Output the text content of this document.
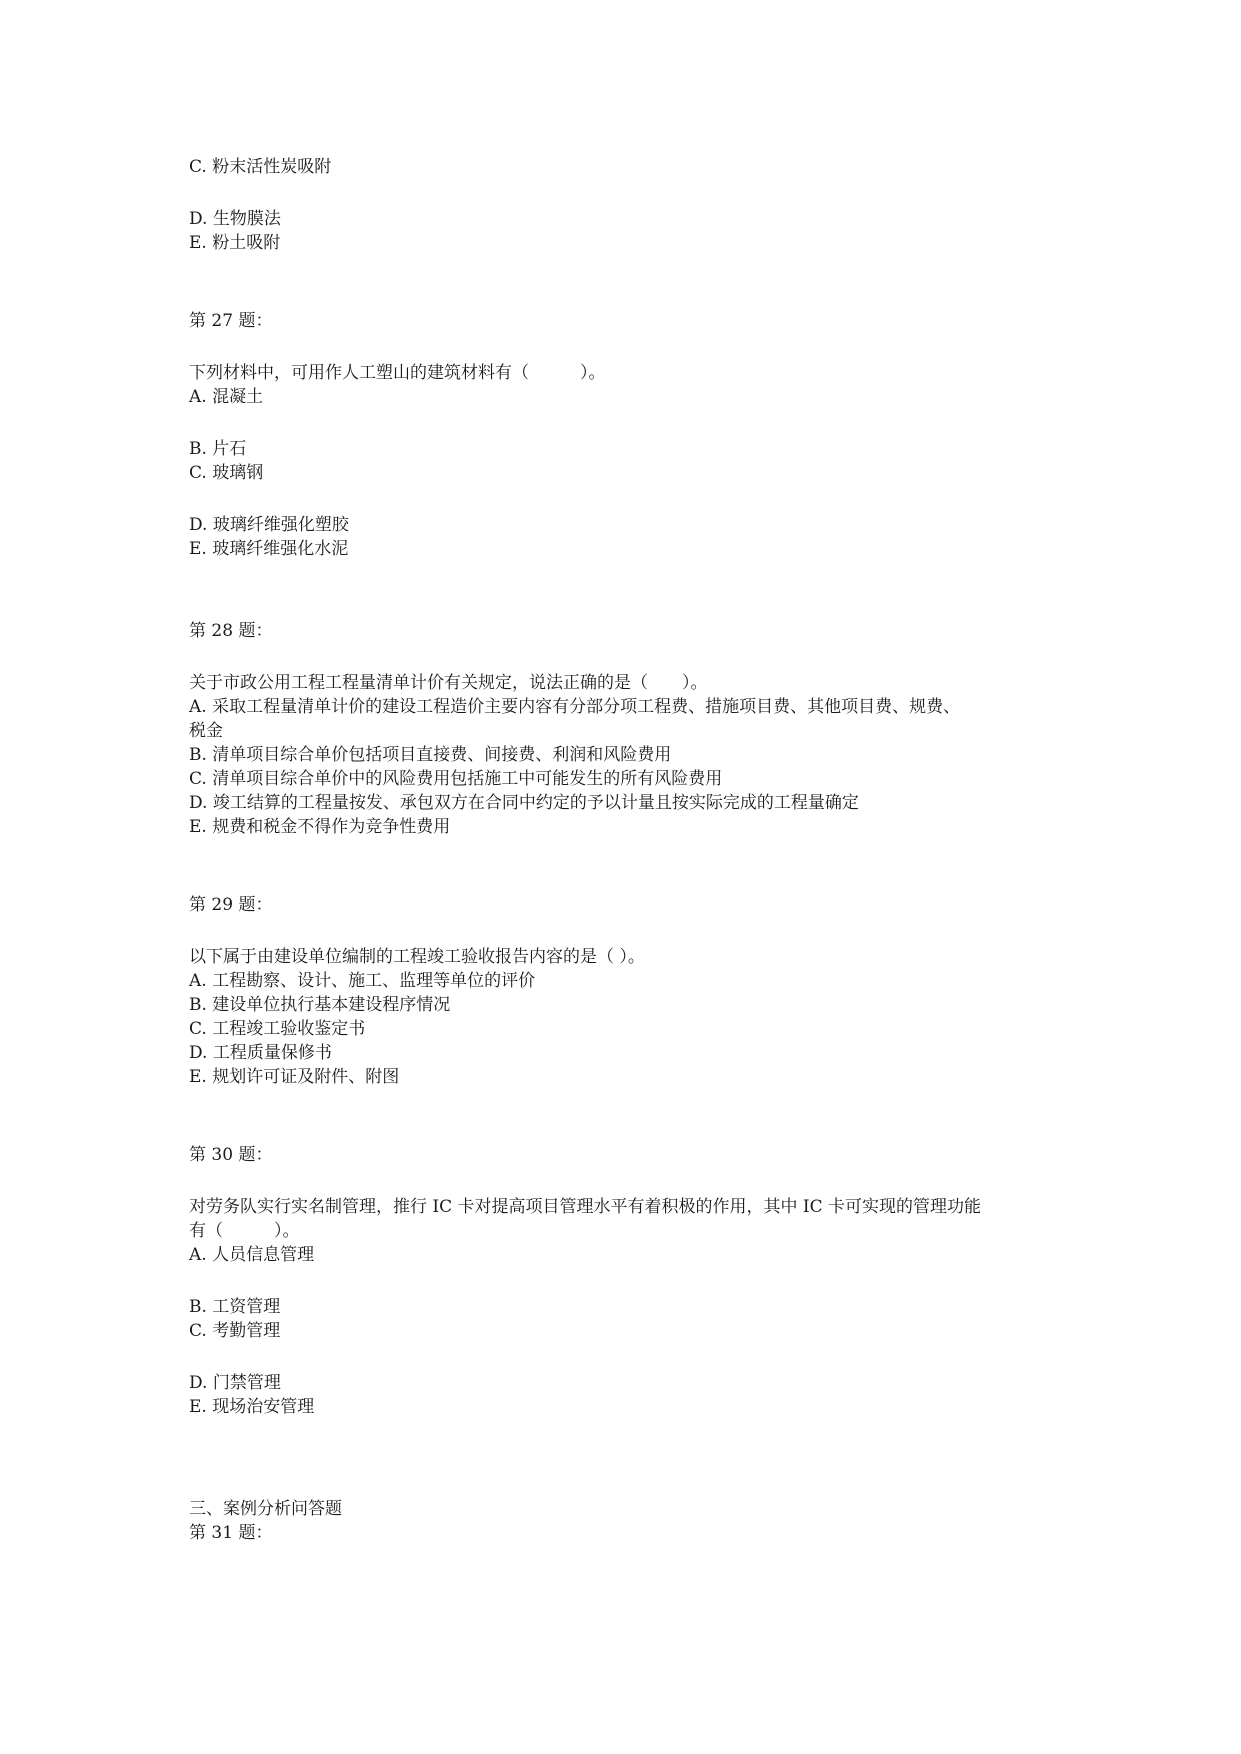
C. 粉末活性炭吸附
D. 生物膜法
E. 粉土吸附
第 27 题：
下列材料中，可用作人工塑山的建筑材料有（　　　）。
A. 混凝土
B. 片石
C. 玻璃钢
D. 玻璃纤维强化塑胶
E. 玻璃纤维强化水泥
第 28 题：
关于市政公用工程工程量清单计价有关规定，说法正确的是（　　）。
A. 采取工程量清单计价的建设工程造价主要内容有分部分项工程费、措施项目费、其他项目费、规费、
税金
B. 清单项目综合单价包括项目直接费、间接费、利润和风险费用
C. 清单项目综合单价中的风险费用包括施工中可能发生的所有风险费用
D. 竣工结算的工程量按发、承包双方在合同中约定的予以计量且按实际完成的工程量确定
E. 规费和税金不得作为竞争性费用
第 29 题：
以下属于由建设单位编制的工程竣工验收报告内容的是（ ）。
A. 工程勘察、设计、施工、监理等单位的评价
B. 建设单位执行基本建设程序情况
C. 工程竣工验收鉴定书
D. 工程质量保修书
E. 规划许可证及附件、附图
第 30 题：
对劳务队实行实名制管理，推行 IC 卡对提高项目管理水平有着积极的作用，其中 IC 卡可实现的管理功能
有（　　　）。
A. 人员信息管理
B. 工资管理
C. 考勤管理
D. 门禁管理
E. 现场治安管理
三、案例分析问答题
第 31 题：
